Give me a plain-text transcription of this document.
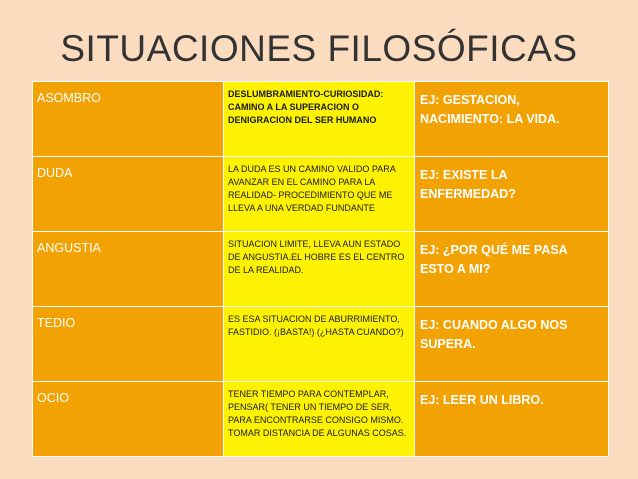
SITUACIONES FILOSÓFICAS
ASOMBRO	DESLUMBRAMIENTO-CURIOSIDAD: CAMINO A LA SUPERACION O DENIGRACION DEL SER HUMANO	EJ: GESTACION, NACIMIENTO: LA VIDA.

DUDA	LA DUDA ES UN CAMINO VALIDO PARA AVANZAR EN EL CAMINO PARA LA REALIDAD- PROCEDIMIENTO QUE ME LLEVA A UNA VERDAD FUNDANTE	EJ: EXISTE LA ENFERMEDAD?

ANGUSTIA	SITUACION LIMITE, LLEVA AUN ESTADO DE ANGUSTIA.EL HOBRE ES EL CENTRO DE LA REALIDAD.	EJ: ¿POR QUÉ ME PASA ESTO A MI?

TEDIO	ES ESA SITUACION DE ABURRIMIENTO, FASTIDIO. (¡BASTA!) (¿HASTA CUANDO?)	EJ: CUANDO ALGO NOS SUPERA.

OCIO	TENER TIEMPO PARA CONTEMPLAR, PENSAR( TENER UN TIEMPO DE SER, PARA ENCONTRARSE CONSIGO MISMO. TOMAR DISTANCIA DE ALGUNAS COSAS.	EJ: LEER UN LIBRO.
